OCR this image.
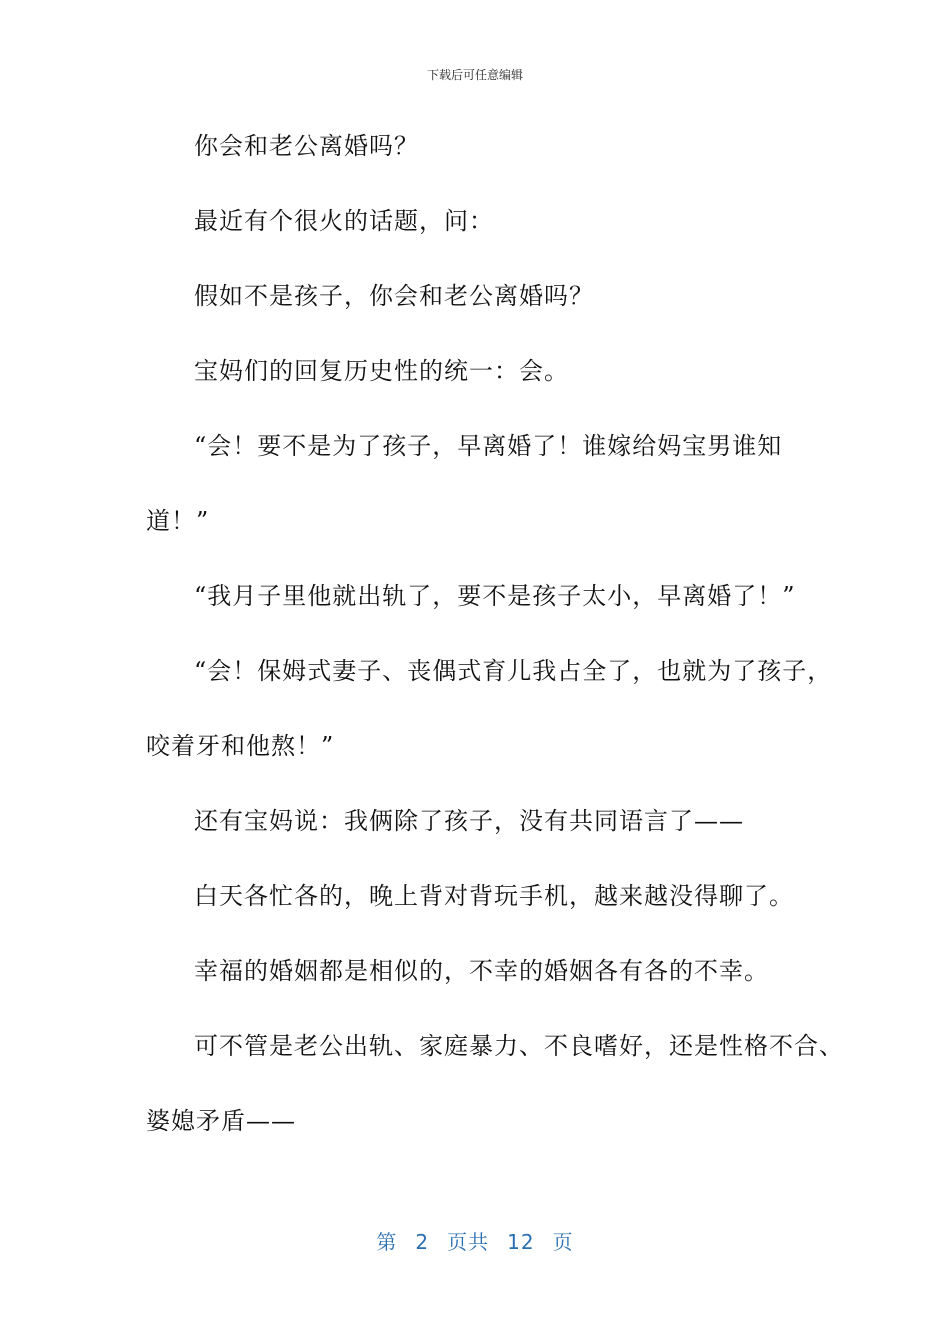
下载后可任意编辑
你会和老公离婚吗？
最近有个很火的话题，问：
假如不是孩子，你会和老公离婚吗？
宝妈们的回复历史性的统一：会。
“会！要不是为了孩子，早离婚了！谁嫁给妈宝男谁知
道！”
“我月子里他就出轨了，要不是孩子太小，早离婚了！”
“会！保姆式妻子、丧偶式育儿我占全了，也就为了孩子，
咬着牙和他熬！”
还有宝妈说：我俩除了孩子，没有共同语言了——
白天各忙各的，晚上背对背玩手机，越来越没得聊了。
幸福的婚姻都是相似的，不幸的婚姻各有各的不幸。
可不管是老公出轨、家庭暴力、不良嗜好，还是性格不合、
婆媳矛盾——
第 2 页共 12 页
